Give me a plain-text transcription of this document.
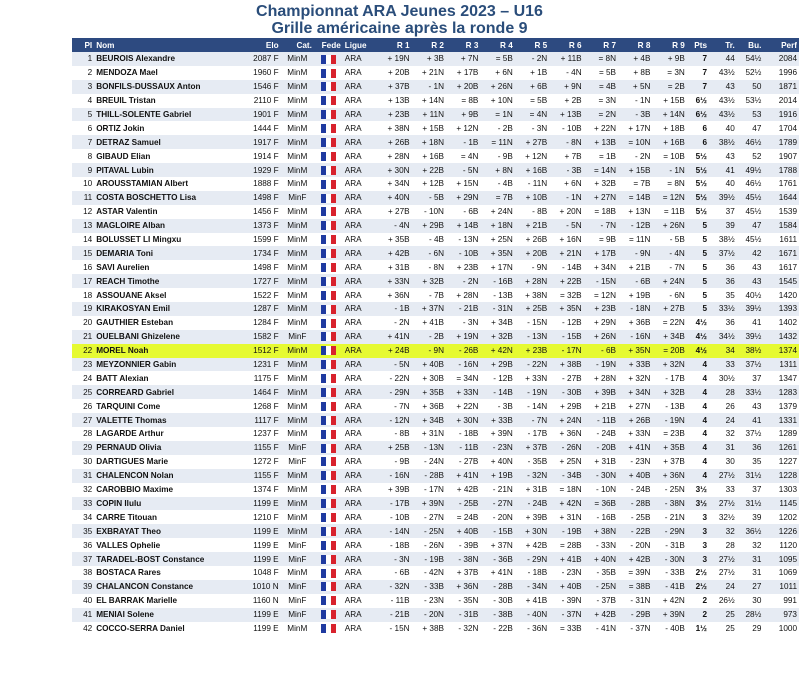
Championnat ARA Jeunes 2023 – U16
Grille américaine après la ronde 9
Pl	Nom	Elo	Cat.	Fede	Ligue	R 1	R 2	R 3	R 4	R 5	R 6	R 7	R 8	R 9	Pts	Tr.	Bu.	Perf
1	BEUROIS Alexandre	2087 F	MinM		ARA	+ 19N	+ 3B	+ 7N	= 5B	- 2N	+ 11B	= 8N	+ 4B	+ 9B	7	44	54½	2084
2	MENDOZA Mael	1960 F	MinM		ARA	+ 20B	+ 21N	+ 17B	+ 6N	+ 1B	- 4N	= 5B	+ 8B	= 3N	7	43½	52½	1996
3	BONFILS-DUSSAUX Anton	1546 F	MinM		ARA	+ 37B	- 1N	+ 20B	+ 26N	+ 6B	+ 9N	= 4B	+ 5N	= 2B	7	43	50	1871
4	BREUIL Tristan	2110 F	MinM		ARA	+ 13B	+ 14N	= 8B	+ 10N	= 5B	+ 2B	= 3N	- 1N	+ 15B	6½	43½	53½	2014
5	THILL-SOLENTE Gabriel	1901 F	MinM		ARA	+ 23B	+ 11N	+ 9B	= 1N	= 4N	+ 13B	= 2N	- 3B	+ 14N	6½	43½	53	1916
6	ORTIZ Jokin	1444 F	MinM		ARA	+ 38N	+ 15B	+ 12N	- 2B	- 3N	- 10B	+ 22N	+ 17N	+ 18B	6	40	47	1704
7	DETRAZ Samuel	1917 F	MinM		ARA	+ 26B	+ 18N	- 1B	= 11N	+ 27B	- 8N	+ 13B	= 10N	+ 16B	6	38½	46½	1789
8	GIBAUD Elian	1914 F	MinM		ARA	+ 28N	+ 16B	= 4N	- 9B	+ 12N	+ 7B	= 1B	- 2N	= 10B	5½	43	52	1907
9	PITAVAL Lubin	1929 F	MinM		ARA	+ 30N	+ 22B	- 5N	+ 8N	+ 16B	- 3B	= 14N	+ 15B	- 1N	5½	41	49½	1788
10	AROUSSTAMIAN Albert	1888 F	MinM		ARA	+ 34N	+ 12B	+ 15N	- 4B	- 11N	+ 6N	+ 32B	= 7B	= 8N	5½	40	46½	1761
11	COSTA BOSCHETTO Lisa	1498 F	MinF		ARA	+ 40N	- 5B	+ 29N	= 7B	+ 10B	- 1N	+ 27N	= 14B	= 12N	5½	39½	45½	1644
12	ASTAR Valentin	1456 F	MinM		ARA	+ 27B	- 10N	- 6B	+ 24N	- 8B	+ 20N	= 18B	+ 13N	= 11B	5½	37	45½	1539
13	MAGLOIRE Alban	1373 F	MinM		ARA	- 4N	+ 29B	+ 14B	+ 18N	+ 21B	- 5N	- 7N	- 12B	+ 26N	5	39	47	1584
14	BOLUSSET LI Mingxu	1599 F	MinM		ARA	+ 35B	- 4B	- 13N	+ 25N	+ 26B	+ 16N	= 9B	= 11N	- 5B	5	38½	45½	1611
15	DEMARIA Toni	1734 F	MinM		ARA	+ 42B	- 6N	- 10B	+ 35N	+ 20B	+ 21N	+ 17B	- 9N	- 4N	5	37½	42	1671
16	SAVI Aurelien	1498 F	MinM		ARA	+ 31B	- 8N	+ 23B	+ 17N	- 9N	- 14B	+ 34N	+ 21B	- 7N	5	36	43	1617
17	REACH Timothe	1727 F	MinM		ARA	+ 33N	+ 32B	- 2N	- 16B	+ 28N	+ 22B	- 15N	- 6B	+ 24N	5	36	43	1545
18	ASSOUANE Aksel	1522 F	MinM		ARA	+ 36N	- 7B	+ 28N	- 13B	+ 38N	= 32B	= 12N	+ 19B	- 6N	5	35	40½	1420
19	KIRAKOSYAN Emil	1287 F	MinM		ARA	- 1B	+ 37N	- 21B	- 31N	+ 25B	+ 35N	+ 23B	- 18N	+ 27B	5	33½	39½	1393
20	GAUTHIER Esteban	1284 F	MinM		ARA	- 2N	+ 41B	- 3N	+ 34B	- 15N	- 12B	+ 29N	+ 36B	= 22N	4½	36	41	1402
21	OUELBANI Ghizelene	1582 F	MinF		ARA	+ 41N	- 2B	+ 19N	+ 32B	- 13N	- 15B	+ 26N	- 16N	+ 34B	4½	34½	39½	1432
22	MOREL Noah	1512 F	MinM		ARA	+ 24B	- 9N	- 26B	+ 42N	+ 23B	- 17N	- 6B	+ 35N	= 20B	4½	34	38½	1374
23	MEYZONNIER Gabin	1231 F	MinM		ARA	- 5N	+ 40B	- 16N	+ 29B	- 22N	+ 38B	- 19N	+ 33B	+ 32N	4	33	37½	1311
24	BATT Alexian	1175 F	MinM		ARA	- 22N	+ 30B	= 34N	- 12B	+ 33N	- 27B	+ 28N	+ 32N	- 17B	4	30½	37	1347
25	CORREARD Gabriel	1464 F	MinM		ARA	- 29N	+ 35B	+ 33N	- 14B	- 19N	- 30B	+ 39B	+ 34N	+ 32B	4	28	33½	1283
26	TARQUINI Come	1268 F	MinM		ARA	- 7N	+ 36B	+ 22N	- 3B	- 14N	+ 29B	+ 21B	+ 27N	- 13B	4	26	43	1379
27	VALETTE Thomas	1117 F	MinM		ARA	- 12N	+ 34B	+ 30N	+ 33B	- 7N	+ 24N	- 11B	+ 26B	- 19N	4	24	41	1331
28	LAGARDE Arthur	1237 F	MinM		ARA	- 8B	+ 31N	- 18B	+ 39N	- 17B	+ 36N	- 24B	+ 33N	= 23B	4	32	37½	1289
29	PERNAUD Olivia	1155 F	MinF		ARA	+ 25B	- 13N	- 11B	- 23N	+ 37B	- 26N	- 20B	+ 41N	+ 35B	4	31	36	1261
30	DARTIGUES Marie	1272 F	MinF		ARA	- 9B	- 24N	- 27B	+ 40N	- 35B	+ 25N	+ 31B	- 23N	+ 37B	4	30	35	1227
31	CHALENCON Nolan	1155 F	MinM		ARA	- 16N	- 28B	+ 41N	+ 19B	- 32N	- 34B	- 30N	+ 40B	+ 36N	4	27½	31½	1228
32	CAROBBIO Maxime	1374 F	MinM		ARA	+ 39B	- 17N	+ 42B	- 21N	+ 31B	= 18N	- 10N	- 24B	- 25N	3½	33	37	1303
33	COPIN Ilulu	1199 E	MinM		ARA	- 17B	+ 39N	- 25B	- 27N	- 24B	+ 42N	= 36B	- 28B	- 38N	3½	27½	31½	1145
34	CARRE Titouan	1210 F	MinM		ARA	- 10B	- 27N	= 24B	- 20N	+ 39B	+ 31N	- 16B	- 25B	- 21N	3	32½	39	1202
35	EXBRAYAT Theo	1199 E	MinM		ARA	- 14N	- 25N	+ 40B	- 15B	+ 30N	- 19B	+ 38N	- 22B	- 29N	3	32	36½	1226
36	VALLES Ophelie	1199 E	MinF		ARA	- 18B	- 26N	- 39B	+ 37N	+ 42B	= 28B	- 33N	- 20N	- 31B	3	28	32	1120
37	TARADEL-BOST Constance	1199 E	MinF		ARA	- 3N	- 19B	- 38N	- 36B	- 29N	+ 41B	+ 40N	+ 42B	- 30N	3	27½	31	1095
38	BOSTACA Rares	1048 F	MinM		ARA	- 6B	- 42N	+ 37B	+ 41N	- 18B	- 23N	- 35B	= 39N	- 33B	2½	27½	31	1069
39	CHALANCON Constance	1010 N	MinF		ARA	- 32N	- 33B	+ 36N	- 28B	- 34N	+ 40B	- 25N	= 38B	- 41B	2½	24	27	1011
40	EL BARRAK Marielle	1160 N	MinF		ARA	- 11B	- 23N	- 35N	- 30B	+ 41B	- 39N	- 37B	- 31N	+ 42N	2	26½	30	991
41	MENIAI Solene	1199 E	MinF		ARA	- 21B	- 20N	- 31B	- 38B	- 40N	- 37N	+ 42B	- 29B	+ 39N	2	25	28½	973
42	COCCO-SERRA Daniel	1199 E	MinM		ARA	- 15N	+ 38B	- 32N	- 22B	- 36N	= 33B	- 41N	- 37N	- 40B	1½	25	29	1000
